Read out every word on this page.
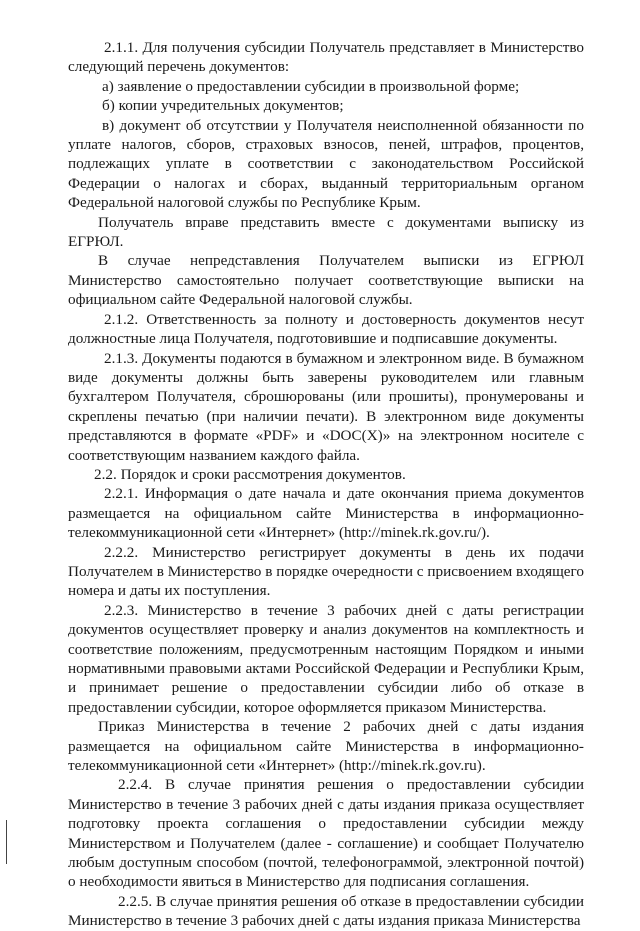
2.1.1. Для получения субсидии Получатель представляет в Министерство следующий перечень документов:

а) заявление о предоставлении субсидии в произвольной форме;

б) копии учредительных документов;

в) документ об отсутствии у Получателя неисполненной обязанности по уплате налогов, сборов, страховых взносов, пеней, штрафов, процентов, подлежащих уплате в соответствии с законодательством Российской Федерации о налогах и сборах, выданный территориальным органом Федеральной налоговой службы по Республике Крым.

Получатель вправе представить вместе с документами выписку из ЕГРЮЛ.

В случае непредставления Получателем выписки из ЕГРЮЛ Министерство самостоятельно получает соответствующие выписки на официальном сайте Федеральной налоговой службы.

2.1.2. Ответственность за полноту и достоверность документов несут должностные лица Получателя, подготовившие и подписавшие документы.

2.1.3. Документы подаются в бумажном и электронном виде. В бумажном виде документы должны быть заверены руководителем или главным бухгалтером Получателя, сброшюрованы (или прошиты), пронумерованы и скреплены печатью (при наличии печати). В электронном виде документы представляются в формате «PDF» и «DOC(X)» на электронном носителе с соответствующим названием каждого файла.

2.2. Порядок и сроки рассмотрения документов.

2.2.1. Информация о дате начала и дате окончания приема документов размещается на официальном сайте Министерства в информационно-телекоммуникационной сети «Интернет» (http://minek.rk.gov.ru/).

2.2.2. Министерство регистрирует документы в день их подачи Получателем в Министерство в порядке очередности с присвоением входящего номера и даты их поступления.

2.2.3. Министерство в течение 3 рабочих дней с даты регистрации документов осуществляет проверку и анализ документов на комплектность и соответствие положениям, предусмотренным настоящим Порядком и иными нормативными правовыми актами Российской Федерации и Республики Крым, и принимает решение о предоставлении субсидии либо об отказе в предоставлении субсидии, которое оформляется приказом Министерства.

Приказ Министерства в течение 2 рабочих дней с даты издания размещается на официальном сайте Министерства в информационно-телекоммуникационной сети «Интернет» (http://minek.rk.gov.ru).

2.2.4. В случае принятия решения о предоставлении субсидии Министерство в течение 3 рабочих дней с даты издания приказа осуществляет подготовку проекта соглашения о предоставлении субсидии между Министерством и Получателем (далее - соглашение) и сообщает Получателю любым доступным способом (почтой, телефонограммой, электронной почтой) о необходимости явиться в Министерство для подписания соглашения.

2.2.5. В случае принятия решения об отказе в предоставлении субсидии Министерство в течение 3 рабочих дней с даты издания приказа Министерства
